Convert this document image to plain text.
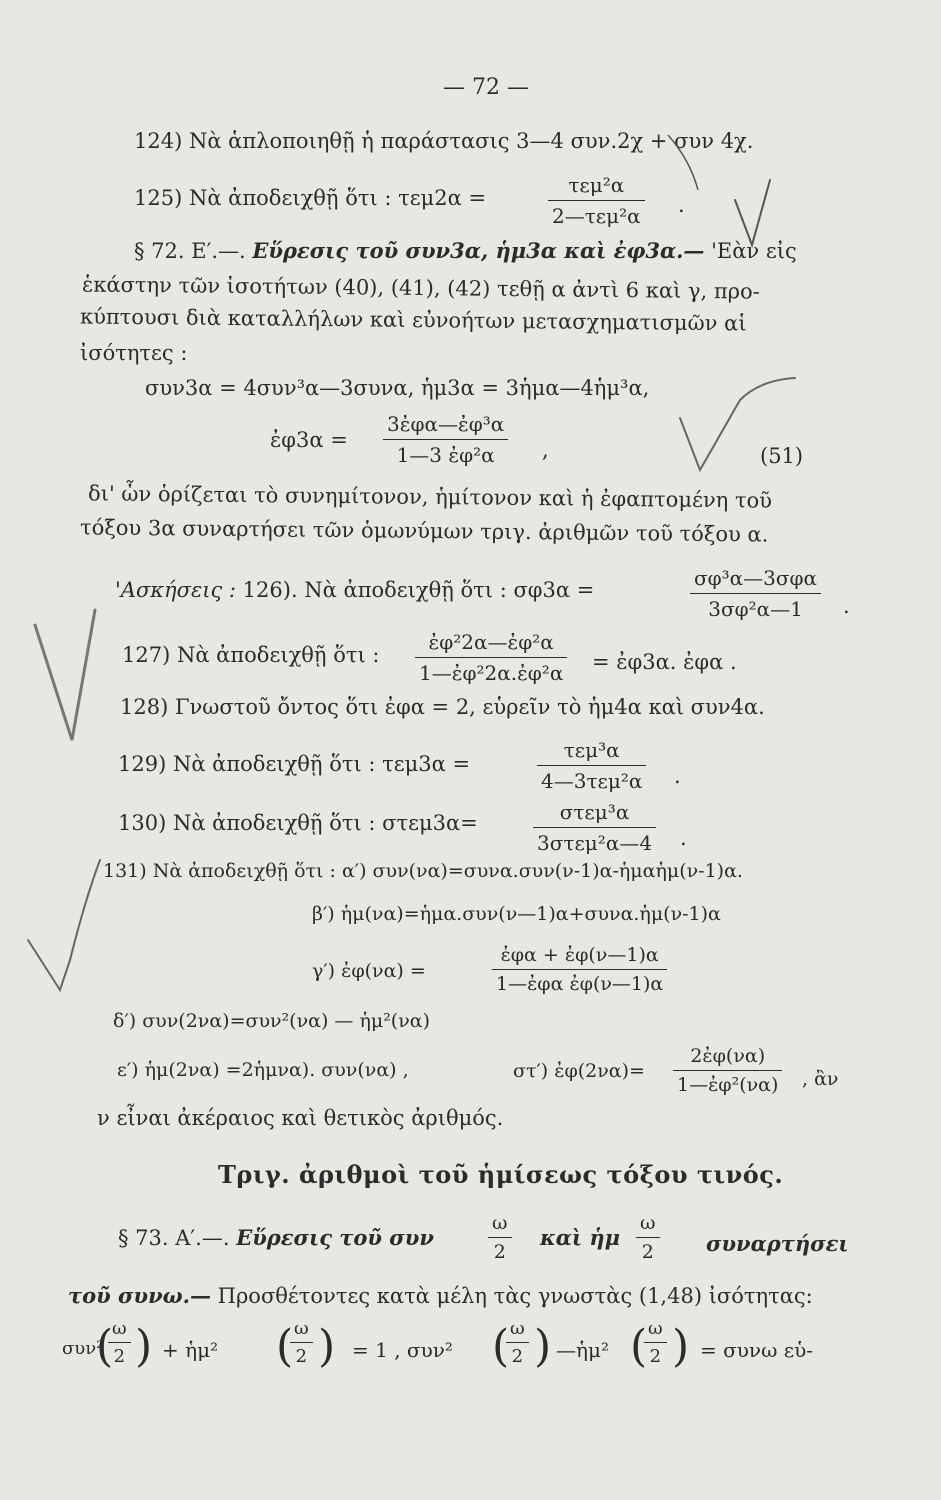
— 72 —
124) Νὰ ἁπλοποιηθῇ ἡ παράστασις 3—4 συν.2χ + συν 4χ.
125) Νὰ ἀποδειχθῇ ὅτι : τεμ2α =
τεμ²α
2—τεμ²α .
§ 72. Ε′.—. Εὕρεσις τοῦ συν3α, ἡμ3α καὶ ἐφ3α.— 'Εὰν εἰς
ἑκάστην τῶν ἰσοτήτων (40), (41), (42) τεθῇ α ἀντὶ 6 καὶ γ, προ-
κύπτουσι διὰ καταλλήλων καὶ εὐνοήτων μετασχηματισμῶν αἱ
ἰσότητες :
συν3α = 4συν³α—3συνα, ἡμ3α = 3ἡμα—4ἡμ³α,
ἐφ3α =
3ἐφα—ἐφ³α
1—3 ἐφ²α	,	(51)
δι' ὧν ὁρίζεται τὸ συνημίτονον, ἡμίτονον καὶ ἡ ἐφαπτομένη τοῦ
τόξου 3α συναρτήσει τῶν ὁμωνύμων τριγ. ἀριθμῶν τοῦ τόξου α.
'Ασκήσεις : 126). Νὰ ἀποδειχθῇ ὅτι : σφ3α =	σφ³α—3σφα
3σφ²α—1	.
127) Νὰ ἀποδειχθῇ ὅτι :
ἐφ²2α—ἐφ²α
1—ἐφ²2α.ἐφ²α = ἐφ3α. ἐφα .
128) Γνωστοῦ ὄντος ὅτι ἐφα = 2, εὑρεῖν τὸ ἡμ4α καὶ συν4α.
129) Νὰ ἀποδειχθῇ ὅτι : τεμ3α =
τεμ³α
4—3τεμ²α .
130) Νὰ ἀποδειχθῇ ὅτι : στεμ3α=	στεμ³α
3στεμ²α—4 .
131) Νὰ ἀποδειχθῇ ὅτι : α′) συν(να)=συνα.συν(ν-1)α-ἡμαἡμ(ν-1)α.
β′) ἡμ(να)=ἡμα.συν(ν—1)α+συνα.ἡμ(ν-1)α
γ′) ἐφ(να) =
ἐφα + ἐφ(ν—1)α
1—ἐφα ἐφ(ν—1)α
δ′) συν(2να)=συν²(να) — ἡμ²(να)
ε′) ἡμ(2να) =2ἡμνα). συν(να) ,	στ′) ἐφ(2να)=
2ἐφ(να)
1—ἐφ²(να) , ἂν
ν εἶναι ἀκέραιος καὶ θετικὸς ἀριθμός.
Τριγ. ἀριθμοὶ τοῦ ἡμίσεως τόξου τινός.
§ 73. Α′.—. Εὕρεσις τοῦ συν
ω
2
καὶ ἡμ
ω
2 συναρτήσει
τοῦ συνω.— Προσθέτοντες κατὰ μέλη τὰς γνωστὰς (1,48) ἰσότητας:
συν²
(
ω
2 ) + ἡμ² ( ω
2 ) = 1 , συν² ( ω
2 ) —ἡμ² ( ω
2 ) = συνω εὑ-
